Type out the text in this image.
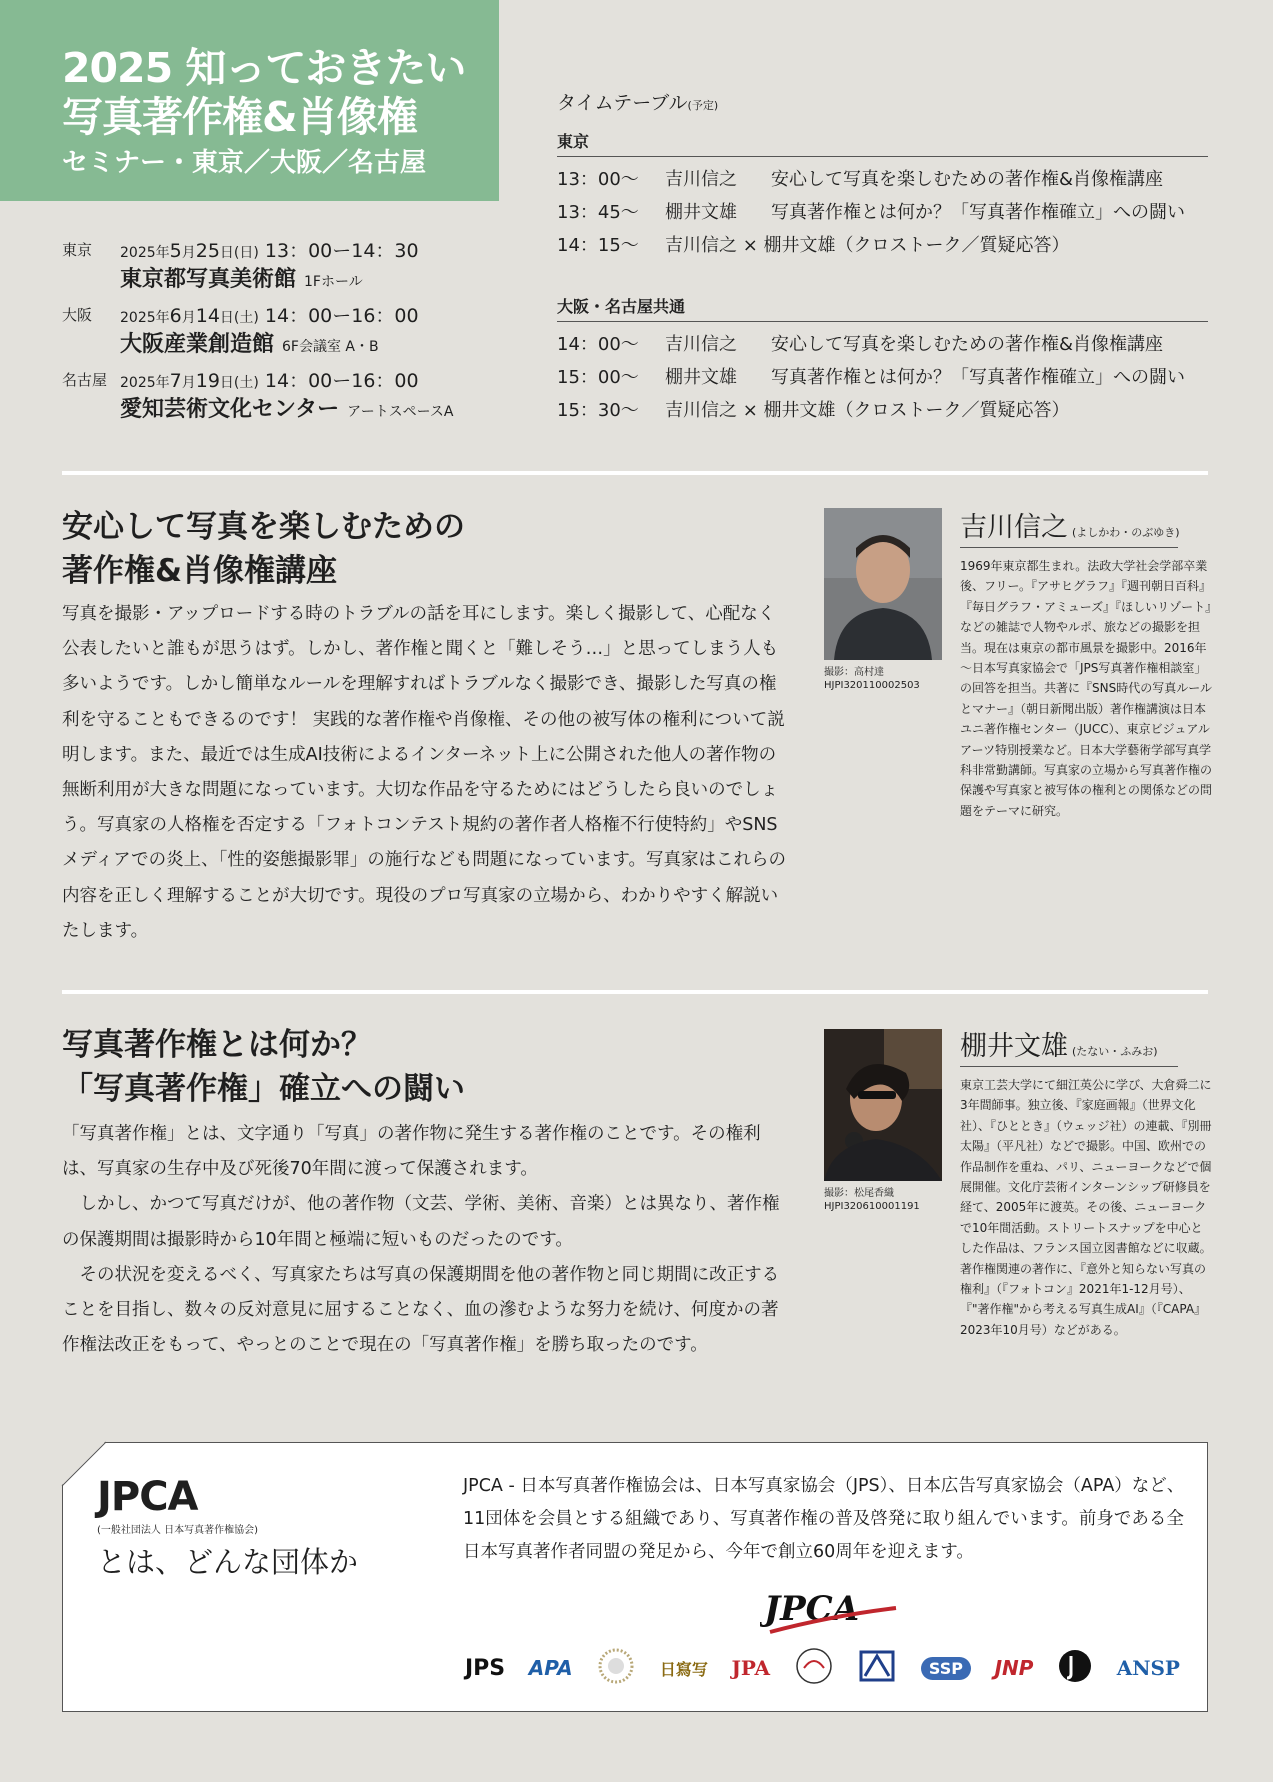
2025 知っておきたい
写真著作権&肖像権
セミナー・東京／大阪／名古屋
東京 2025年5月25日(日) 13：00ー14：30
東京都写真美術館 1Fホール
大阪 2025年6月14日(土) 14：00ー16：00
大阪産業創造館 6F会議室 A・B
名古屋 2025年7月19日(土) 14：00ー16：00
愛知芸術文化センター アートスペースA
タイムテーブル(予定)
東京
13：00～ 吉川信之 安心して写真を楽しむための著作権&肖像権講座
13：45～ 棚井文雄 写真著作権とは何か？「写真著作権確立」への闘い
14：15～ 吉川信之 × 棚井文雄（クロストーク／質疑応答）
大阪・名古屋共通
14：00～ 吉川信之 安心して写真を楽しむための著作権&肖像権講座
15：00～ 棚井文雄 写真著作権とは何か？「写真著作権確立」への闘い
15：30～ 吉川信之 × 棚井文雄（クロストーク／質疑応答）
安心して写真を楽しむための
著作権&肖像権講座

写真を撮影・アップロードする時のトラブルの話を耳にします。楽しく撮影して、心配なく公表したいと誰もが思うはず。しかし、著作権と聞くと「難しそう…」と思ってしまう人も多いようです。しかし簡単なルールを理解すればトラブルなく撮影でき、撮影した写真の権利を守ることもできるのです！ 実践的な著作権や肖像権、その他の被写体の権利について説明します。また、最近では生成AI技術によるインターネット上に公開された他人の著作物の無断利用が大きな問題になっています。大切な作品を守るためにはどうしたら良いのでしょう。写真家の人格権を否定する「フォトコンテスト規約の著作者人格権不行使特約」やSNSメディアでの炎上、「性的姿態撮影罪」の施行なども問題になっています。写真家はこれらの内容を正しく理解することが大切です。現役のプロ写真家の立場から、わかりやすく解説いたします。

撮影：高村達
HJPI320110002503
吉川信之 (よしかわ・のぶゆき)
1969年東京都生まれ。法政大学社会学部卒業後、フリー。『アサヒグラフ』『週刊朝日百科』『毎日グラフ・アミューズ』『ほしいリゾート』などの雑誌で人物やルポ、旅などの撮影を担当。現在は東京の都市風景を撮影中。2016年～日本写真家協会で「JPS写真著作権相談室」の回答を担当。共著に『SNS時代の写真ルールとマナー』（朝日新聞出版）著作権講演は日本ユニ著作権センター（JUCC）、東京ビジュアルアーツ特別授業など。日本大学藝術学部写真学科非常勤講師。写真家の立場から写真著作権の保護や写真家と被写体の権利との関係などの問題をテーマに研究。
写真著作権とは何か？
「写真著作権」確立への闘い

「写真著作権」とは、文字通り「写真」の著作物に発生する著作権のことです。その権利は、写真家の生存中及び死後70年間に渡って保護されます。

しかし、かつて写真だけが、他の著作物（文芸、学術、美術、音楽）とは異なり、著作権の保護期間は撮影時から10年間と極端に短いものだったのです。

その状況を変えるべく、写真家たちは写真の保護期間を他の著作物と同じ期間に改正することを目指し、数々の反対意見に屈することなく、血の滲むような努力を続け、何度かの著作権法改正をもって、やっとのことで現在の「写真著作権」を勝ち取ったのです。

撮影：松尾香織
HJPI320610001191
棚井文雄 (たない・ふみお)
東京工芸大学にて細江英公に学び、大倉舜二に3年間師事。独立後、『家庭画報』（世界文化社）、『ひととき』（ウェッジ社）の連載、『別冊太陽』（平凡社）などで撮影。中国、欧州での作品制作を重ね、パリ、ニューヨークなどで個展開催。文化庁芸術インターンシップ研修員を経て、2005年に渡英。その後、ニューヨークで10年間活動。ストリートスナップを中心とした作品は、フランス国立図書館などに収蔵。著作権関連の著作に、『意外と知らない写真の権利』（『フォトコン』2021年1-12月号）、『"著作権"から考える写真生成AI』（『CAPA』2023年10月号）などがある。
JPCA
(一般社団法人 日本写真著作権協会)
とは、どんな団体か
JPCA - 日本写真著作権協会は、日本写真家協会（JPS）、日本広告写真家協会（APA）など、11団体を会員とする組織であり、写真著作権の普及啓発に取り組んでいます。前身である全日本写真著作者同盟の発足から、今年で創立60周年を迎えます。
JPCA
JPS APA	日寫写 JPA	SSP	JNP	ANSP
